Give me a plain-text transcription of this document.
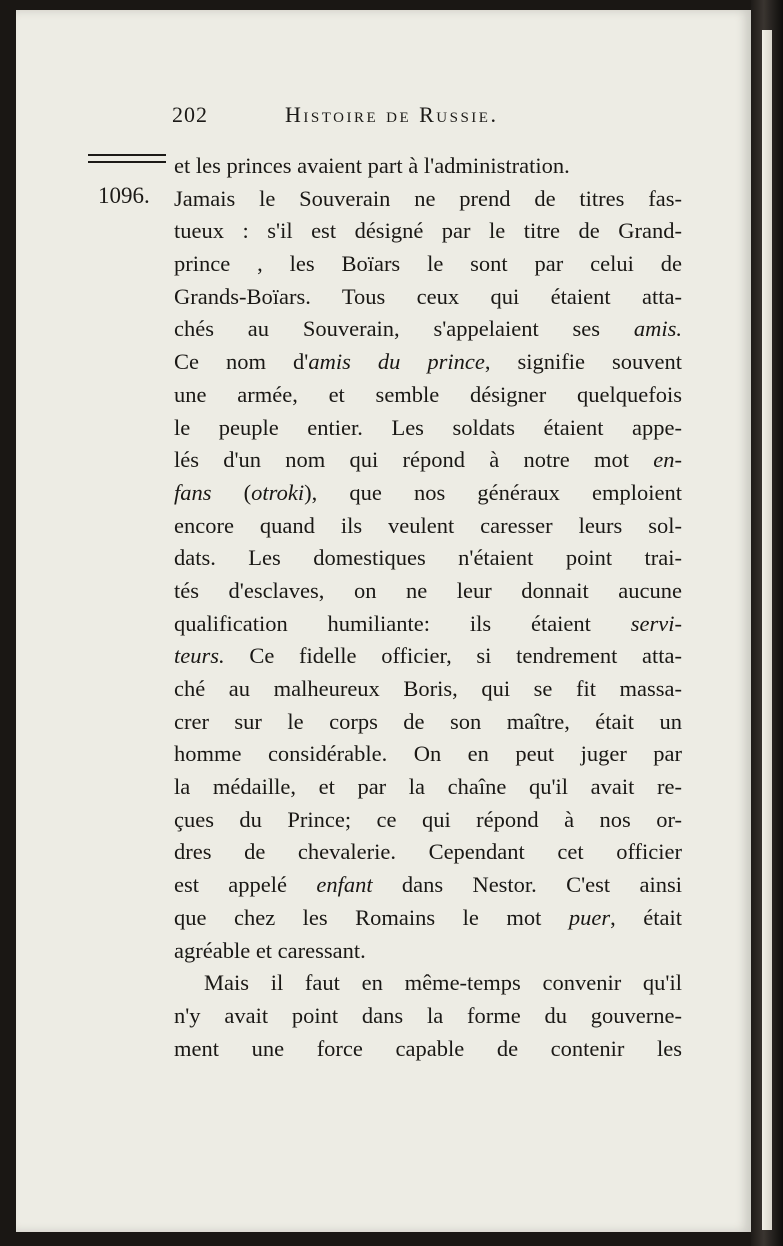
202	Histoire de Russie.
1096.
et les princes avaient part à l'administration.
Jamais le Souverain ne prend de titres fas-
tueux : s'il est désigné par le titre de Grand-
prince , les Boïars le sont par celui de
Grands-Boïars. Tous ceux qui étaient atta-
chés au Souverain, s'appelaient ses amis.
Ce nom d'amis du prince, signifie souvent
une armée, et semble désigner quelquefois
le peuple entier. Les soldats étaient appe-
lés d'un nom qui répond à notre mot en-
fans (otroki), que nos généraux emploient
encore quand ils veulent caresser leurs sol-
dats. Les domestiques n'étaient point trai-
tés d'esclaves, on ne leur donnait aucune
qualification humiliante: ils étaient servi-
teurs. Ce fidelle officier, si tendrement atta-
ché au malheureux Boris, qui se fit massa-
crer sur le corps de son maître, était un
homme considérable. On en peut juger par
la médaille, et par la chaîne qu'il avait re-
çues du Prince; ce qui répond à nos or-
dres de chevalerie. Cependant cet officier
est appelé enfant dans Nestor. C'est ainsi
que chez les Romains le mot puer, était
agréable et caressant.
Mais il faut en même-temps convenir qu'il
n'y avait point dans la forme du gouverne-
ment une force capable de contenir les
